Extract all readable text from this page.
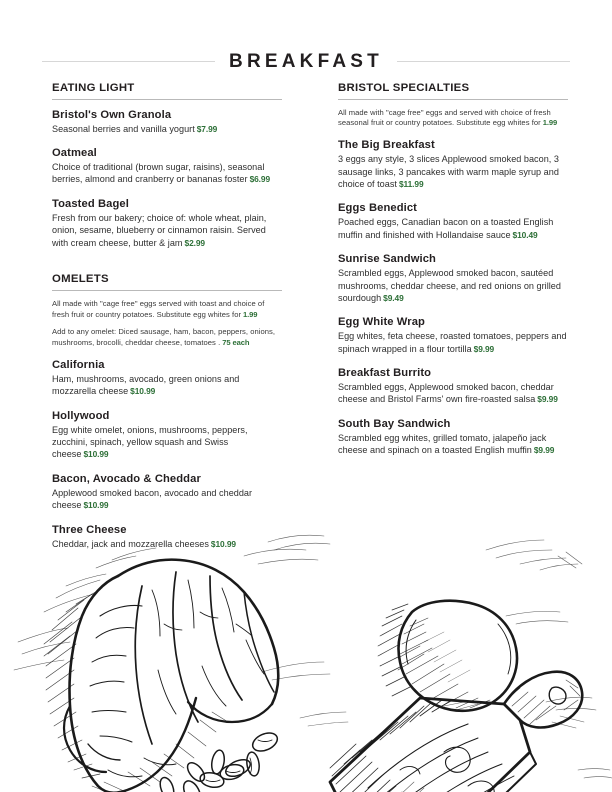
BREAKFAST
EATING LIGHT
Bristol's Own Granola
Seasonal berries and vanilla yogurt $7.99
Oatmeal
Choice of traditional (brown sugar, raisins), seasonal berries, almond and cranberry or bananas foster $6.99
Toasted Bagel
Fresh from our bakery; choice of: whole wheat, plain, onion, sesame, blueberry or cinnamon raisin. Served with cream cheese, butter & jam $2.99
OMELETS
All made with "cage free" eggs served with toast and choice of fresh fruit or country potatoes. Substitute egg whites for 1.99
Add to any omelet: Diced sausage, ham, bacon, peppers, onions, mushrooms, brocolli, cheddar cheese, tomatoes . 75 each
California
Ham, mushrooms, avocado, green onions and mozzarella cheese $10.99
Hollywood
Egg white omelet, onions, mushrooms, peppers, zucchini, spinach, yellow squash and Swiss cheese $10.99
Bacon, Avocado & Cheddar
Applewood smoked bacon, avocado and cheddar cheese $10.99
Three Cheese
Cheddar, jack and mozzarella cheeses $10.99
BRISTOL SPECIALTIES
All made with "cage free" eggs and served with choice of fresh seasonal fruit or country potatoes. Substitute egg whites for 1.99
The Big Breakfast
3 eggs any style, 3 slices Applewood smoked bacon, 3 sausage links, 3 pancakes with warm maple syrup and choice of toast $11.99
Eggs Benedict
Poached eggs, Canadian bacon on a toasted English muffin and finished with Hollandaise sauce $10.49
Sunrise Sandwich
Scrambled eggs, Applewood smoked bacon, sautéed mushrooms, cheddar cheese, and red onions on grilled sourdough $9.49
Egg White Wrap
Egg whites, feta cheese, roasted tomatoes, peppers and spinach wrapped in a flour tortilla $9.99
Breakfast Burrito
Scrambled eggs, Applewood smoked bacon, cheddar cheese and Bristol Farms' own fire-roasted salsa $9.99
South Bay Sandwich
Scrambled egg whites, grilled tomato, jalapeño jack cheese and spinach on a toasted English muffin $9.99
